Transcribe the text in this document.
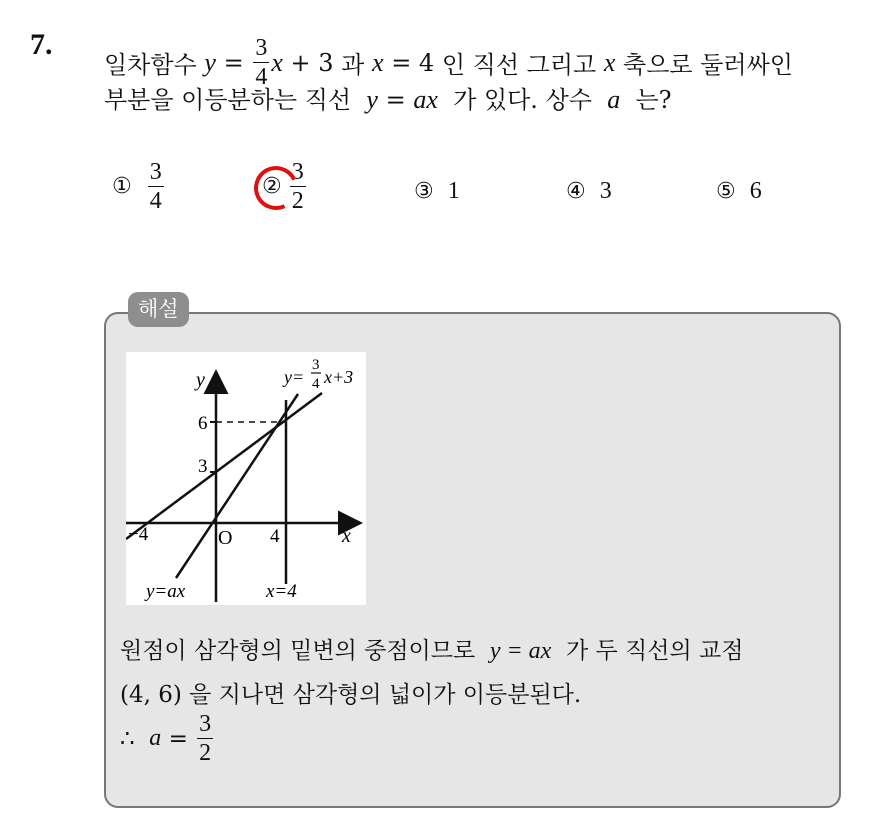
7.
일차함수
y
=
$\frac{3}{4}$ x
+ 3
과
x
= 4
인 직선 그리고
x
축으로 둘러싸인
부분을 이등분하는 직선 y = ax 가 있다. 상수 a 는?
① $\frac{3}{4}$	② $\frac{3}{2}$	③ 1	④ 3	⑤ 6
해설
y
x
O
−4	4
3
6
y=
3
4 x+3
y=ax	x=4
원점이 삼각형의 밑변의 중점이므로 y = ax 가 두 직선의 교점
(4, 6) 을 지나면 삼각형의 넓이가 이등분된다.
∴
a
=
$\frac{3}{2}$
